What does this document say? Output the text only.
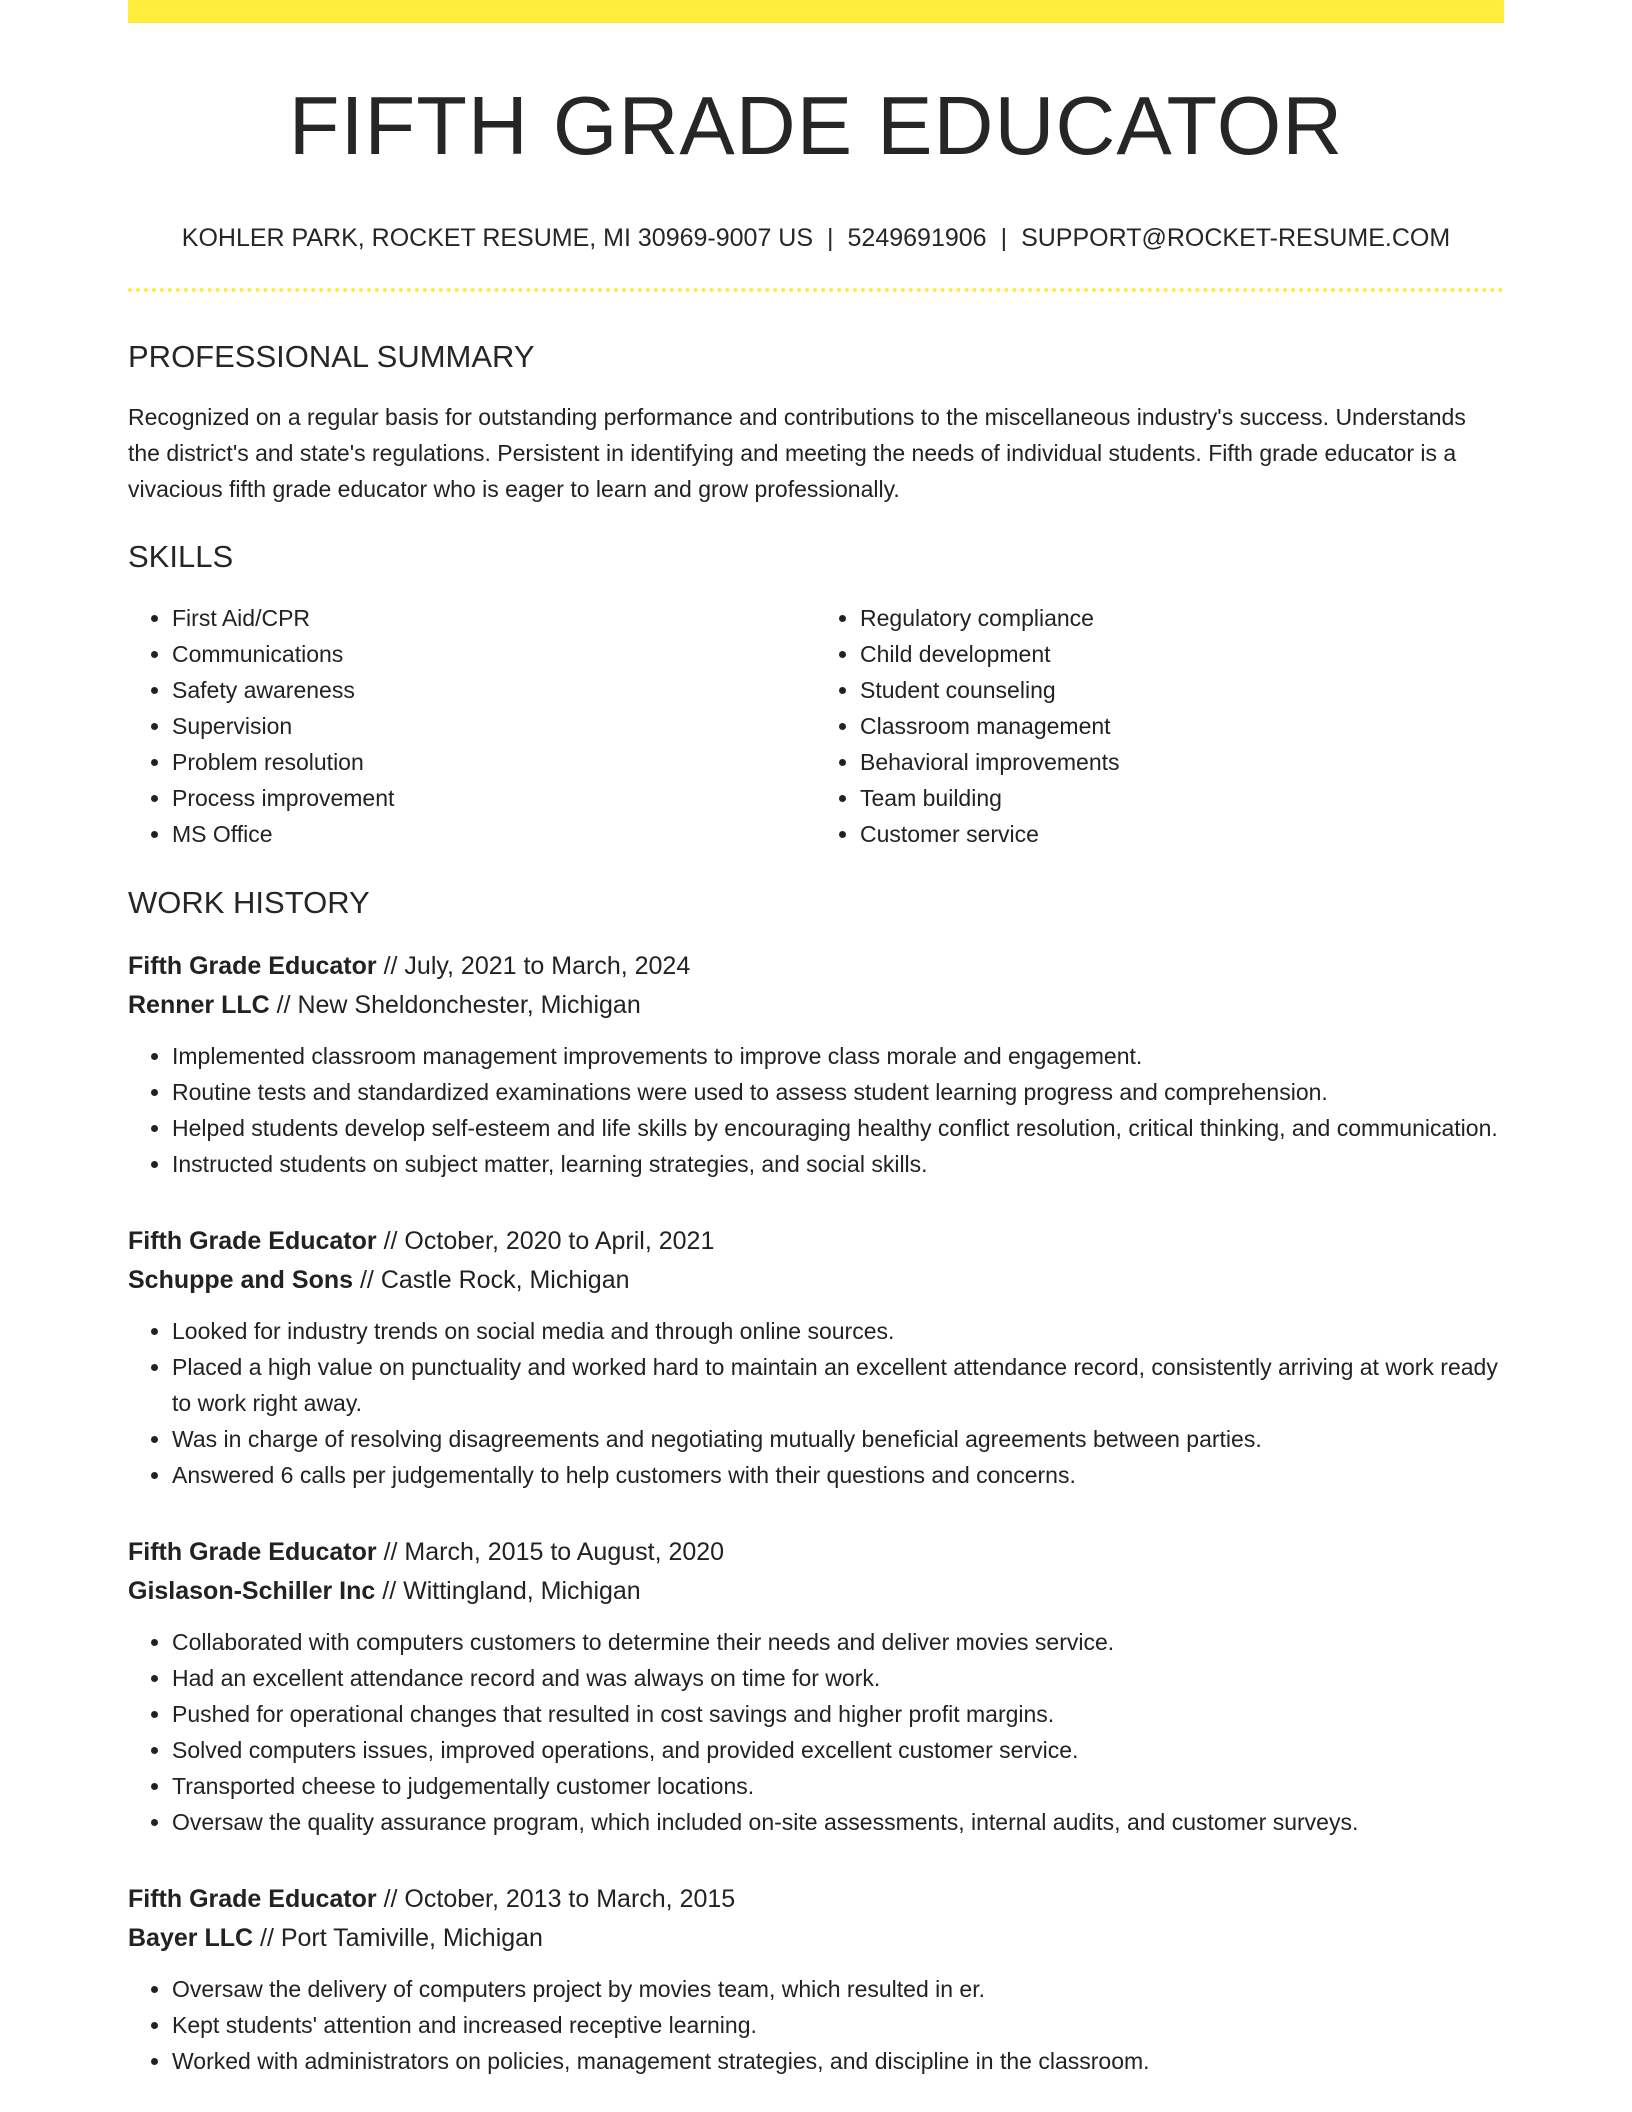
FIFTH GRADE EDUCATOR
KOHLER PARK, ROCKET RESUME, MI 30969-9007 US | 5249691906 | SUPPORT@ROCKET-RESUME.COM
PROFESSIONAL SUMMARY

Recognized on a regular basis for outstanding performance and contributions to the miscellaneous industry's success. Understands the district's and state's regulations. Persistent in identifying and meeting the needs of individual students. Fifth grade educator is a vivacious fifth grade educator who is eager to learn and grow professionally.

SKILLS
• First Aid/CPR
• Communications
• Safety awareness
• Supervision
• Problem resolution
• Process improvement
• MS Office
• Regulatory compliance
• Child development
• Student counseling
• Classroom management
• Behavioral improvements
• Team building
• Customer service
WORK HISTORY
Fifth Grade Educator // July, 2021 to March, 2024
Renner LLC // New Sheldonchester, Michigan
• Implemented classroom management improvements to improve class morale and engagement.
• Routine tests and standardized examinations were used to assess student learning progress and comprehension.
• Helped students develop self-esteem and life skills by encouraging healthy conflict resolution, critical thinking, and communication.
• Instructed students on subject matter, learning strategies, and social skills.
Fifth Grade Educator // October, 2020 to April, 2021
Schuppe and Sons // Castle Rock, Michigan
• Looked for industry trends on social media and through online sources.
• Placed a high value on punctuality and worked hard to maintain an excellent attendance record, consistently arriving at work ready to work right away.
• Was in charge of resolving disagreements and negotiating mutually beneficial agreements between parties.
• Answered 6 calls per judgementally to help customers with their questions and concerns.
Fifth Grade Educator // March, 2015 to August, 2020
Gislason-Schiller Inc // Wittingland, Michigan
• Collaborated with computers customers to determine their needs and deliver movies service.
• Had an excellent attendance record and was always on time for work.
• Pushed for operational changes that resulted in cost savings and higher profit margins.
• Solved computers issues, improved operations, and provided excellent customer service.
• Transported cheese to judgementally customer locations.
• Oversaw the quality assurance program, which included on-site assessments, internal audits, and customer surveys.
Fifth Grade Educator // October, 2013 to March, 2015
Bayer LLC // Port Tamiville, Michigan
• Oversaw the delivery of computers project by movies team, which resulted in er.
• Kept students' attention and increased receptive learning.
• Worked with administrators on policies, management strategies, and discipline in the classroom.
